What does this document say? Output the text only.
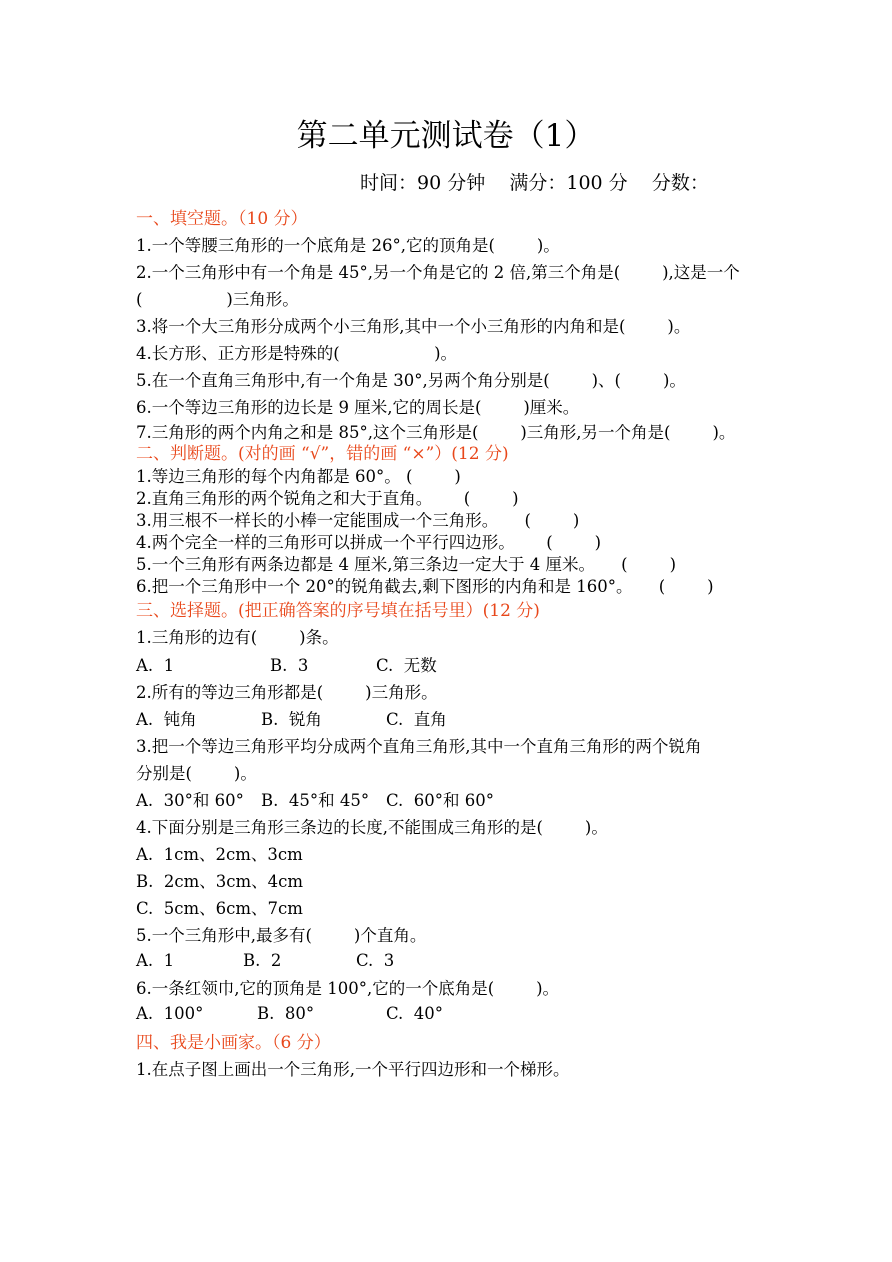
第二单元测试卷（1）
时间：90 分钟    满分：100 分    分数：
一、填空题。（10 分）
1.一个等腰三角形的一个底角是 26°,它的顶角是(        )。
2.一个三角形中有一个角是 45°,另一个角是它的 2 倍,第三个角是(        ),这是一个
(                )三角形。
3.将一个大三角形分成两个小三角形,其中一个小三角形的内角和是(        )。
4.长方形、正方形是特殊的(                  )。
5.在一个直角三角形中,有一个角是 30°,另两个角分别是(        )、(        )。
6.一个等边三角形的边长是 9 厘米,它的周长是(        )厘米。
7.三角形的两个内角之和是 85°,这个三角形是(        )三角形,另一个角是(        )。
二、判断题。(对的画 “√”，错的画 “×”）(12 分)
1.等边三角形的每个内角都是 60°。 (        )
2.直角三角形的两个锐角之和大于直角。      (        )
3.用三根不一样长的小棒一定能围成一个三角形。     (        )
4.两个完全一样的三角形可以拼成一个平行四边形。      (        )
5.一个三角形有两条边都是 4 厘米,第三条边一定大于 4 厘米。     (        )
6.把一个三角形中一个 20°的锐角截去,剩下图形的内角和是 160°。     (        )
三、选择题。(把正确答案的序号填在括号里）(12 分)
1.三角形的边有(        )条。
A.  1	B.  3	C.  无数
2.所有的等边三角形都是(        )三角形。
A.  钝角	B.  锐角	C.  直角
3.把一个等边三角形平均分成两个直角三角形,其中一个直角三角形的两个锐角
分别是(        )。
A.  30°和 60° B.  45°和 45° C.  60°和 60°
4.下面分别是三角形三条边的长度,不能围成三角形的是(        )。
A.  1cm、2cm、3cm
B.  2cm、3cm、4cm
C.  5cm、6cm、7cm
5.一个三角形中,最多有(        )个直角。
A.  1	B.  2	C.  3
6.一条红领巾,它的顶角是 100°,它的一个底角是(        )。
A.  100°	B.  80°	C.  40°
四、我是小画家。（6 分）
1.在点子图上画出一个三角形,一个平行四边形和一个梯形。
